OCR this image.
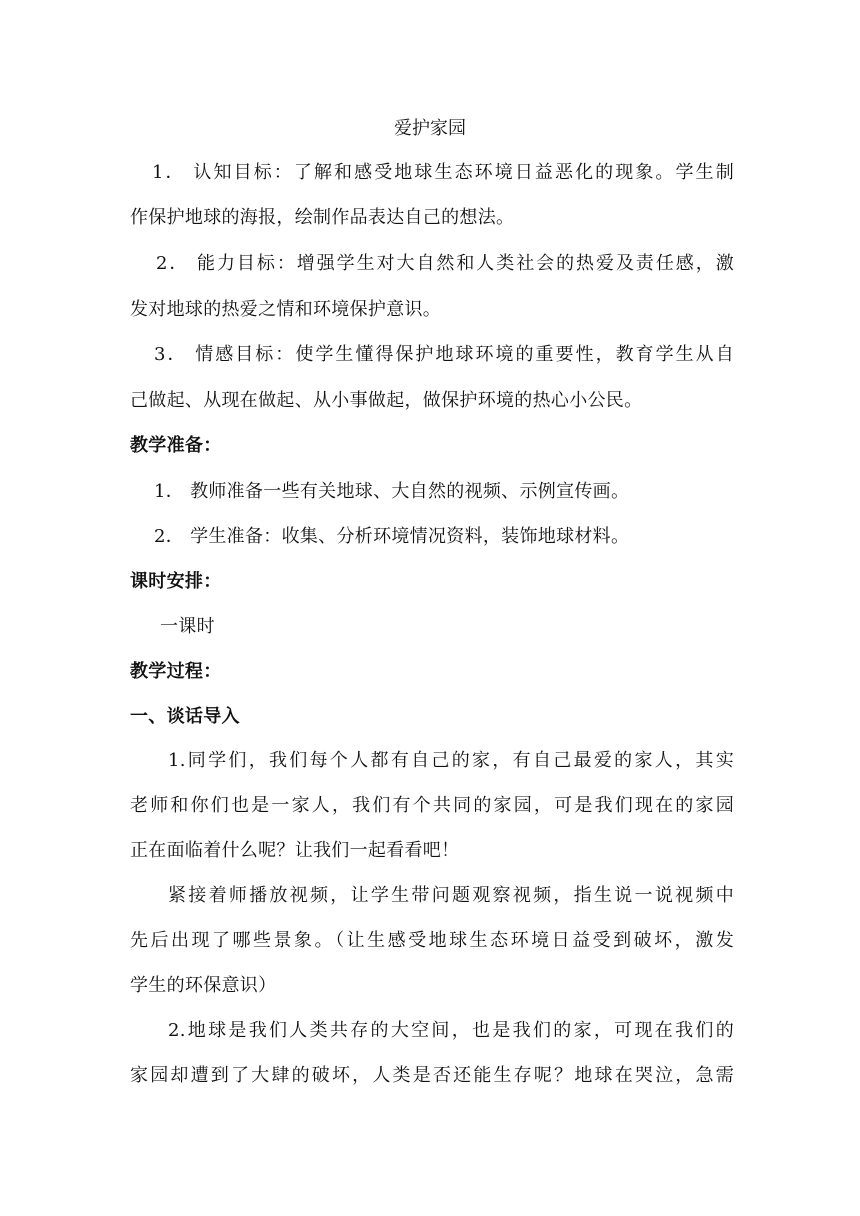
爱护家园
1． 认知目标：了解和感受地球生态环境日益恶化的现象。学生制
作保护地球的海报，绘制作品表达自己的想法。
2． 能力目标：增强学生对大自然和人类社会的热爱及责任感，激
发对地球的热爱之情和环境保护意识。
3． 情感目标：使学生懂得保护地球环境的重要性，教育学生从自
己做起、从现在做起、从小事做起，做保护环境的热心小公民。
教学准备：
1． 教师准备一些有关地球、大自然的视频、示例宣传画。
2． 学生准备：收集、分析环境情况资料，装饰地球材料。
课时安排：
一课时
教学过程：
一、谈话导入
1.同学们，我们每个人都有自己的家，有自己最爱的家人，其实
老师和你们也是一家人，我们有个共同的家园，可是我们现在的家园
正在面临着什么呢？让我们一起看看吧！
紧接着师播放视频，让学生带问题观察视频，指生说一说视频中
先后出现了哪些景象。（让生感受地球生态环境日益受到破坏，激发
学生的环保意识）
2.地球是我们人类共存的大空间，也是我们的家，可现在我们的
家园却遭到了大肆的破坏，人类是否还能生存呢？地球在哭泣，急需
